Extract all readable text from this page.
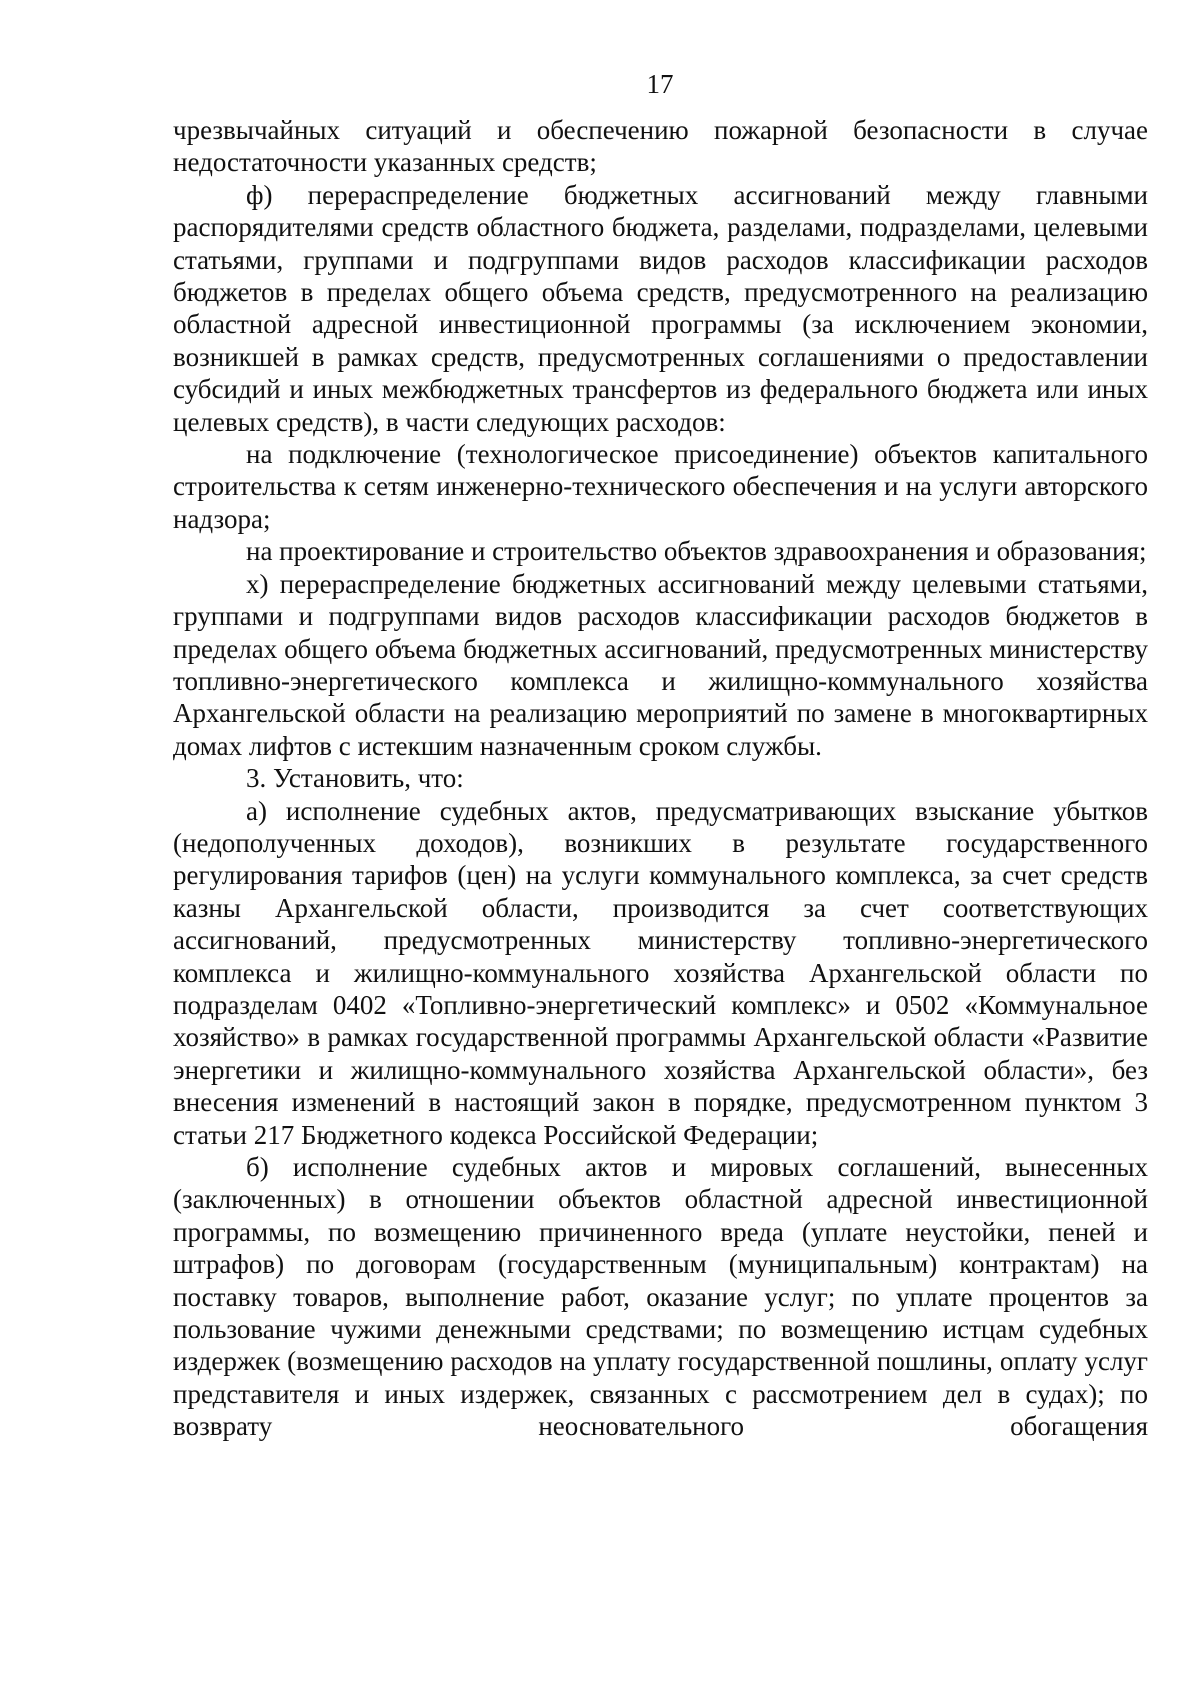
17

чрезвычайных ситуаций и обеспечению пожарной безопасности в случае недостаточности указанных средств;

ф) перераспределение бюджетных ассигнований между главными распорядителями средств областного бюджета, разделами, подразделами, целевыми статьями, группами и подгруппами видов расходов классификации расходов бюджетов в пределах общего объема средств, предусмотренного на реализацию областной адресной инвестиционной программы (за исключением экономии, возникшей в рамках средств, предусмотренных соглашениями о предоставлении субсидий и иных межбюджетных трансфертов из федерального бюджета или иных целевых средств), в части следующих расходов:

на подключение (технологическое присоединение) объектов капитального строительства к сетям инженерно-технического обеспечения и на услуги авторского надзора;

на проектирование и строительство объектов здравоохранения и образования;

х) перераспределение бюджетных ассигнований между целевыми статьями, группами и подгруппами видов расходов классификации расходов бюджетов в пределах общего объема бюджетных ассигнований, предусмотренных министерству топливно-энергетического комплекса и жилищно-коммунального хозяйства Архангельской области на реализацию мероприятий по замене в многоквартирных домах лифтов с истекшим назначенным сроком службы.

3. Установить, что:

а) исполнение судебных актов, предусматривающих взыскание убытков (недополученных доходов), возникших в результате государственного регулирования тарифов (цен) на услуги коммунального комплекса, за счет средств казны Архангельской области, производится за счет соответствующих ассигнований, предусмотренных министерству топливно-энергетического комплекса и жилищно-коммунального хозяйства Архангельской области по подразделам 0402 «Топливно-энергетический комплекс» и 0502 «Коммунальное хозяйство» в рамках государственной программы Архангельской области «Развитие энергетики и жилищно-коммунального хозяйства Архангельской области», без внесения изменений в настоящий закон в порядке, предусмотренном пунктом 3 статьи 217 Бюджетного кодекса Российской Федерации;

б) исполнение судебных актов и мировых соглашений, вынесенных (заключенных) в отношении объектов областной адресной инвестиционной программы, по возмещению причиненного вреда (уплате неустойки, пеней и штрафов) по договорам (государственным (муниципальным) контрактам) на поставку товаров, выполнение работ, оказание услуг; по уплате процентов за пользование чужими денежными средствами; по возмещению истцам судебных издержек (возмещению расходов на уплату государственной пошлины, оплату услуг представителя и иных издержек, связанных с рассмотрением дел в судах); по возврату неосновательного обогащения
